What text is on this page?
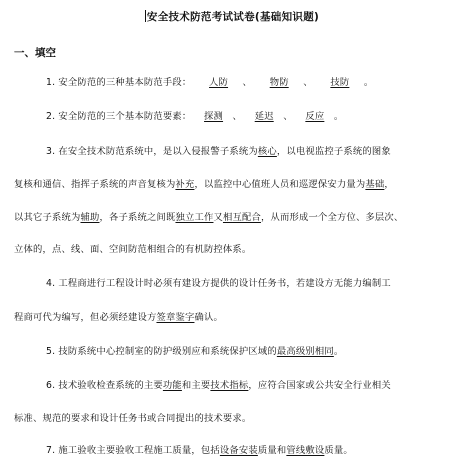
安全技术防范考试试卷(基础知识题)
一、填空
1. 安全防范的三种基本防范手段： 人防 、 物防 、 技防 。
2. 安全防范的三个基本防范要素： 探测 、 延迟 、 反应 。
3. 在安全技术防范系统中，是以入侵报警子系统为核心，以电视监控子系统的图象
复核和通信、指挥子系统的声音复核为补充，以监控中心值班人员和巡逻保安力量为基础，
以其它子系统为辅助，各子系统之间既独立工作又相互配合，从而形成一个全方位、多层次、
立体的，点、线、面、空间防范相组合的有机防控体系。
4. 工程商进行工程设计时必须有建设方提供的设计任务书，若建设方无能力编制工
程商可代为编写，但必须经建设方签章鉴字确认。
5. 技防系统中心控制室的防护级别应和系统保护区域的最高级别相同。
6. 技术验收检查系统的主要功能和主要技术指标，应符合国家或公共安全行业相关
标准、规范的要求和设计任务书或合同提出的技术要求。
7. 施工验收主要验收工程施工质量，包括设备安装质量和管线敷设质量。
